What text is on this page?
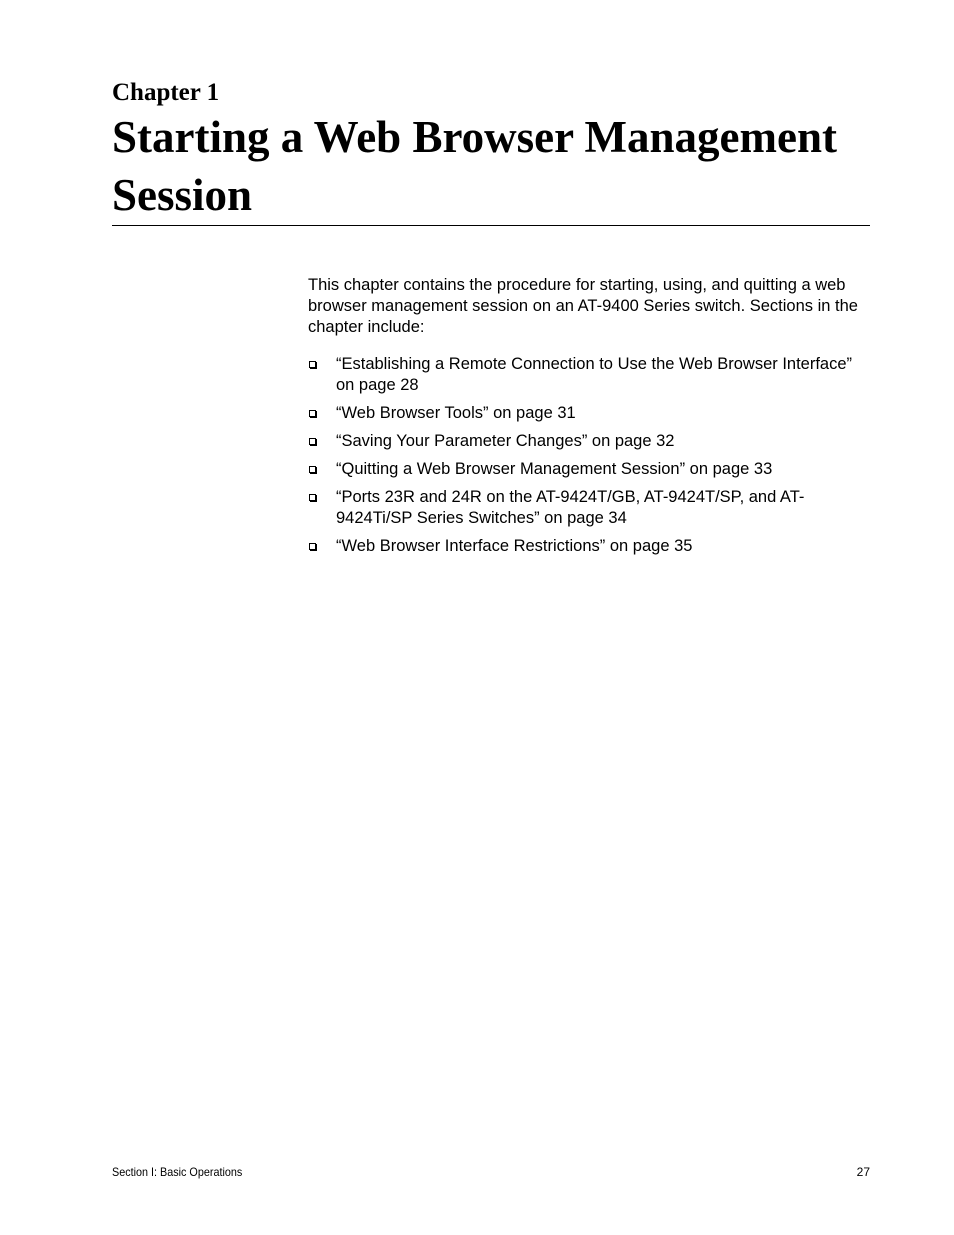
Chapter 1
Starting a Web Browser Management Session

This chapter contains the procedure for starting, using, and quitting a web browser management session on an AT-9400 Series switch. Sections in the chapter include:

“Establishing a Remote Connection to Use the Web Browser Interface” on page 28
“Web Browser Tools” on page 31
“Saving Your Parameter Changes” on page 32
“Quitting a Web Browser Management Session” on page 33
“Ports 23R and 24R on the AT-9424T/GB, AT-9424T/SP, and AT-9424Ti/SP Series Switches” on page 34
“Web Browser Interface Restrictions” on page 35
Section I: Basic Operations	27
